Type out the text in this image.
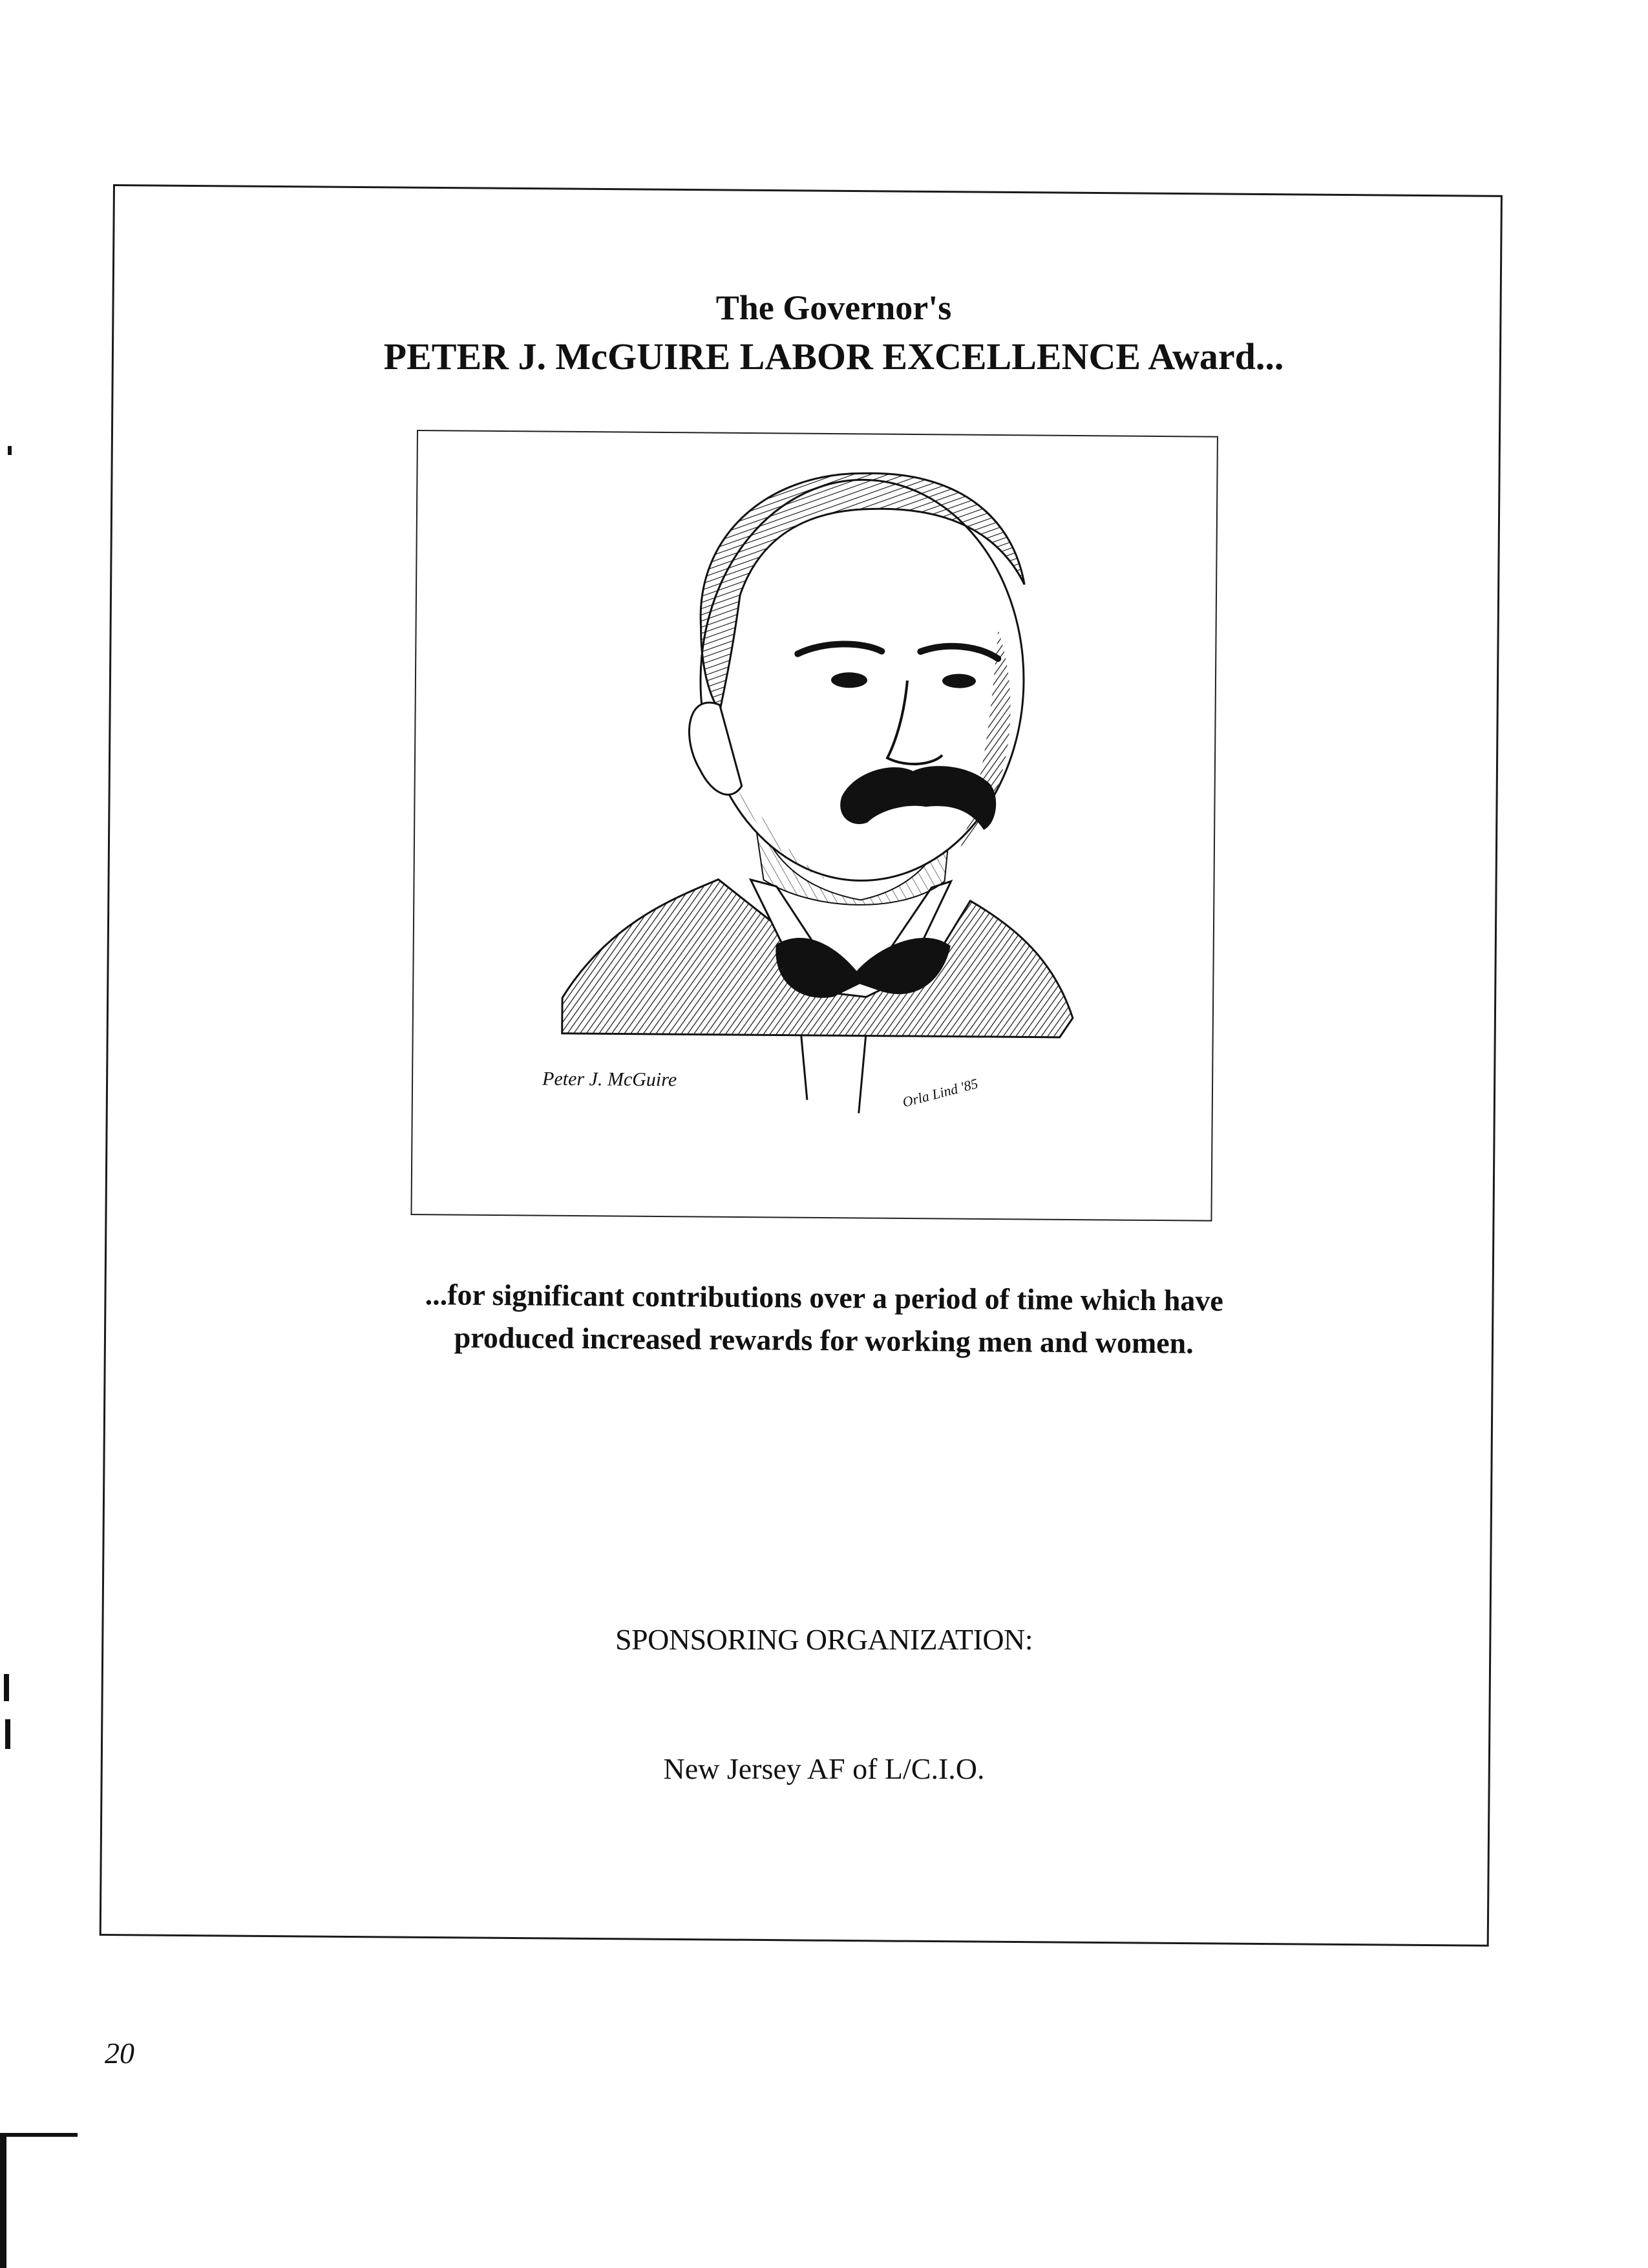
The Governor's
PETER J. McGUIRE LABOR EXCELLENCE Award...
Peter J. McGuire	Orla Lind '85
...for significant contributions over a period of time which have
produced increased rewards for working men and women.
SPONSORING ORGANIZATION:
New Jersey AF of L/C.I.O.
20
